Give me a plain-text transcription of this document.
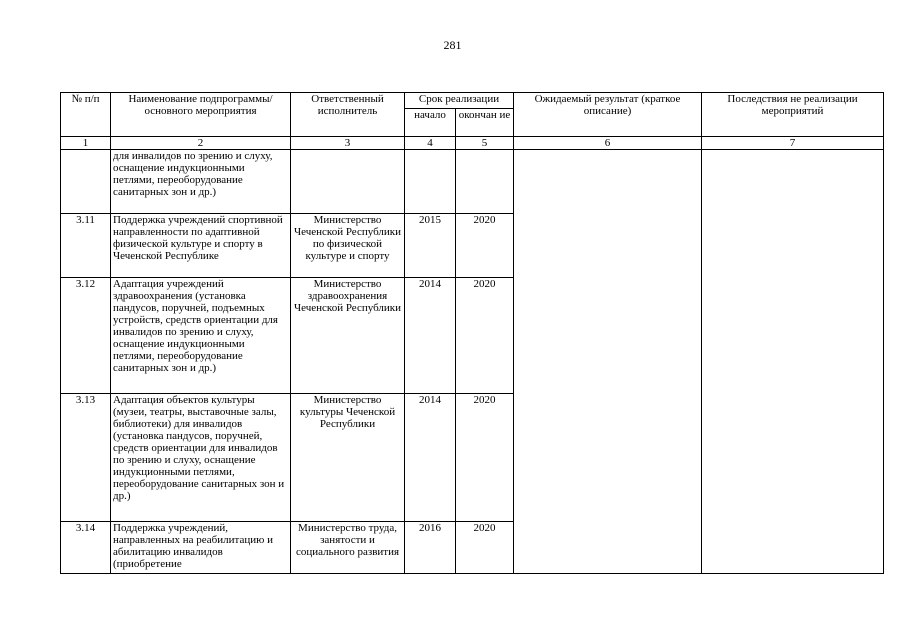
281
№ п/п	Наименование подпрограммы/ основного мероприятия	Ответственный исполнитель	Срок реализации		Ожидаемый результат (краткое описание)	Последствия не реализации мероприятий
			начало	окончан ие		
1	2	3	4	5	6	7
	для инвалидов по зрению и слуху, оснащение индукционными петлями, переоборудование санитарных зон и др.)					
3.11	Поддержка учреждений спортивной направленности по адаптивной физической культуре и спорту в Чеченской Республике	Министерство Чеченской Республики по физической культуре и спорту	2015	2020		
3.12	Адаптация учреждений здравоохранения (установка пандусов, поручней, подъемных устройств, средств ориентации для инвалидов по зрению и слуху, оснащение индукционными петлями, переоборудование санитарных зон и др.)	Министерство здравоохранения Чеченской Республики	2014	2020		
3.13	Адаптация объектов культуры (музеи, театры, выставочные залы, библиотеки) для инвалидов (установка пандусов, поручней, средств ориентации для инвалидов по зрению и слуху, оснащение индукционными петлями, переоборудование санитарных зон и др.)	Министерство культуры Чеченской Республики	2014	2020		
3.14	Поддержка учреждений, направленных на реабилитацию и абилитацию инвалидов (приобретение	Министерство труда, занятости и социального развития	2016	2020		
